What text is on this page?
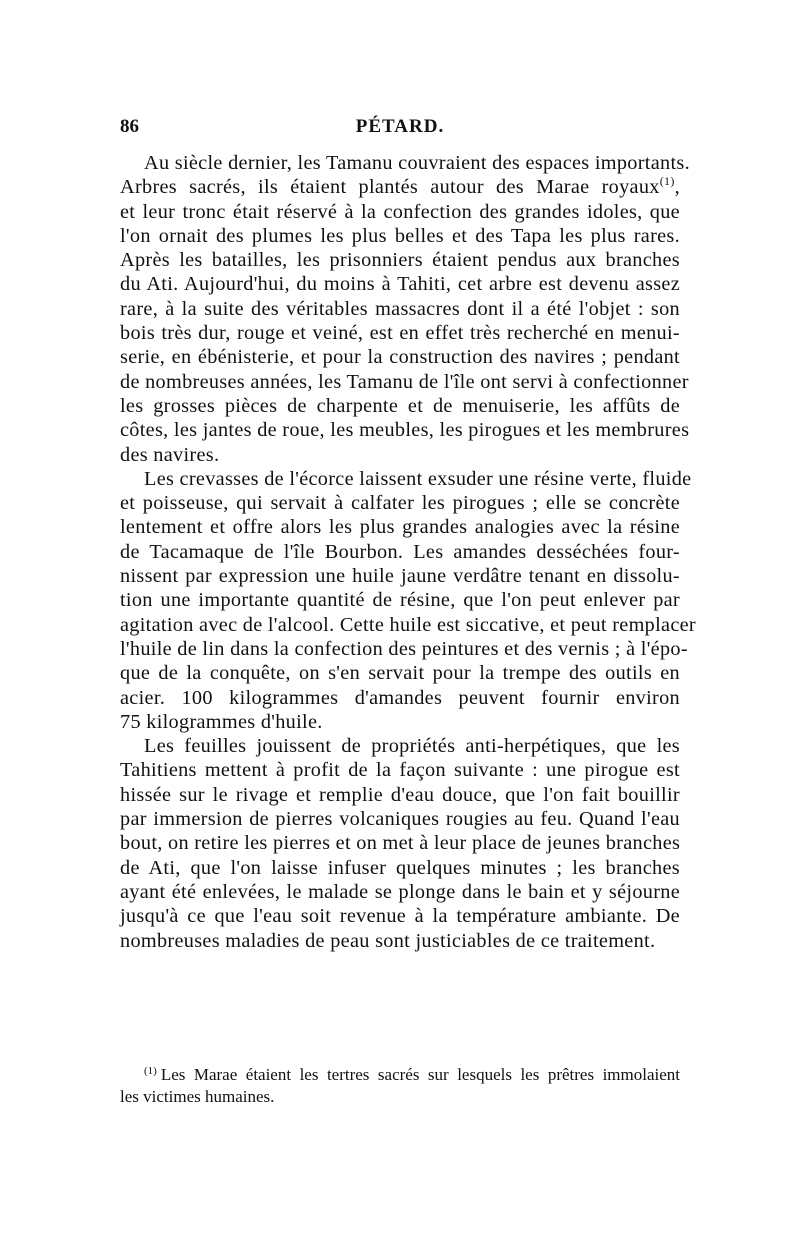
86	PÉTARD.

Au siècle dernier, les Tamanu couvraient des espaces importants.
Arbres sacrés, ils étaient plantés autour des Marae royaux$^{(1)}$,
et leur tronc était réservé à la confection des grandes idoles, que
l'on ornait des plumes les plus belles et des Tapa les plus rares.
Après les batailles, les prisonniers étaient pendus aux branches
du Ati. Aujourd'hui, du moins à Tahiti, cet arbre est devenu assez
rare, à la suite des véritables massacres dont il a été l'objet : son
bois très dur, rouge et veiné, est en effet très recherché en menui-
serie, en ébénisterie, et pour la construction des navires ; pendant
de nombreuses années, les Tamanu de l'île ont servi à confectionner
les grosses pièces de charpente et de menuiserie, les affûts de
côtes, les jantes de roue, les meubles, les pirogues et les membrures
des navires.

Les crevasses de l'écorce laissent exsuder une résine verte, fluide
et poisseuse, qui servait à calfater les pirogues ; elle se concrète
lentement et offre alors les plus grandes analogies avec la résine
de Tacamaque de l'île Bourbon. Les amandes desséchées four-
nissent par expression une huile jaune verdâtre tenant en dissolu-
tion une importante quantité de résine, que l'on peut enlever par
agitation avec de l'alcool. Cette huile est siccative, et peut remplacer
l'huile de lin dans la confection des peintures et des vernis ; à l'épo-
que de la conquête, on s'en servait pour la trempe des outils en
acier. 100 kilogrammes d'amandes peuvent fournir environ
75 kilogrammes d'huile.

Les feuilles jouissent de propriétés anti-herpétiques, que les
Tahitiens mettent à profit de la façon suivante : une pirogue est
hissée sur le rivage et remplie d'eau douce, que l'on fait bouillir
par immersion de pierres volcaniques rougies au feu. Quand l'eau
bout, on retire les pierres et on met à leur place de jeunes branches
de Ati, que l'on laisse infuser quelques minutes ; les branches
ayant été enlevées, le malade se plonge dans le bain et y séjourne
jusqu'à ce que l'eau soit revenue à la température ambiante. De
nombreuses maladies de peau sont justiciables de ce traitement.

$^{(1)}$ Les Marae étaient les tertres sacrés sur lesquels les prêtres immolaient
les victimes humaines.
